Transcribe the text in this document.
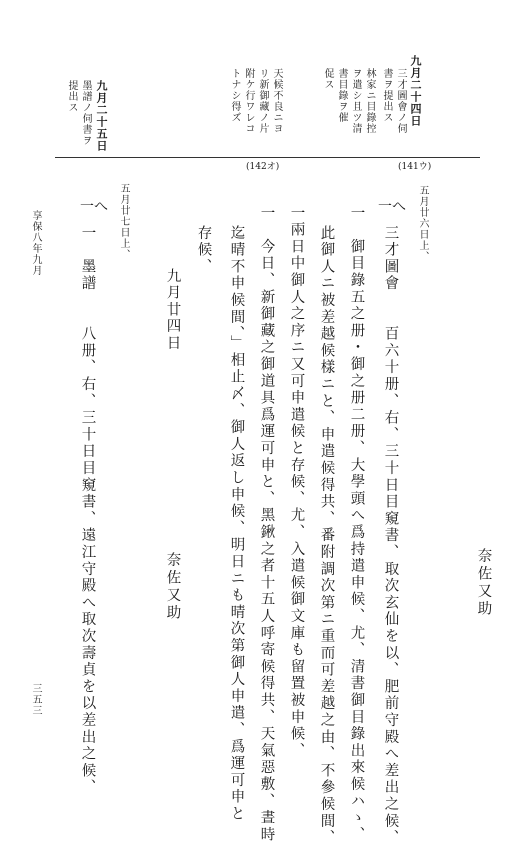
九月二十四日
三才圖會ノ伺
書ヲ提出ス
林家ニ目錄控
ヲ遣シ且ツ清
書目錄ヲ催
促ス
天候不良ニヨ
リ新御藏ノ片
附ケ行ワレコ
トナシ得ズ
九月二十五日
墨譜ノ伺書ヲ
提出ス
(141ウ)
(142オ)
奈佐又助
五月廿六日上、
一へ
三才圖會　　百六十册、右、三十日目窺書、取次玄仙を以、肥前守殿へ差出之候、
一　御目錄五之册・御之册二册、大學頭へ爲持遣申候、尤、清書御目錄出來候ハゝ、
此御人ニ被差越候樣ニと、申遣候得共、番附調次第ニ重而可差越之由、不參候間、
一兩日中御人之序ニ又可申遣候と存候、尤、入遣候御文庫も留置被申候、
一　今日、新御藏之御道具爲運可申と、黑鍬之者十五人呼寄候得共、天氣惡敷、晝時
迄晴不申候間、」相止〆、御人返し申候、明日ニも晴次第御人申遣、爲運可申と
存候、
九月廿四日
奈佐又助
五月廿七日上、
一へ
一　墨譜　　八册、右、三十日目窺書、遠江守殿へ取次壽貞を以差出之候、
享保八年九月
三五三
